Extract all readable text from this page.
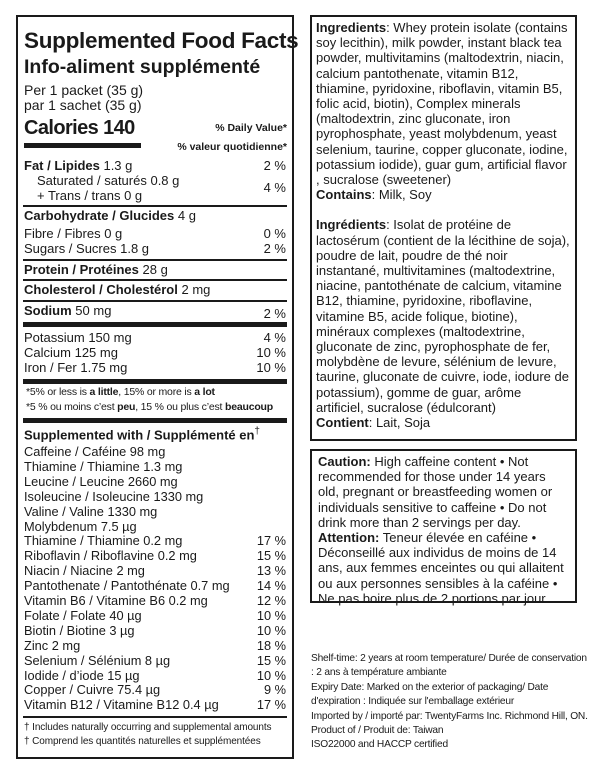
Supplemented Food Facts
Info-aliment supplémenté
Per 1 packet (35 g)
par 1 sachet (35 g)
Calories 140	% Daily Value*
% valeur quotidienne*
Fat / Lipides 1.3 g	2 %
Saturated / saturés 0.8 g
+ Trans / trans 0 g
4 %
Carbohydrate / Glucides 4 g
Fibre / Fibres 0 g	0 %
Sugars / Sucres 1.8 g	2 %
Protein / Protéines 28 g
Cholesterol / Cholestérol 2 mg
Sodium 50 mg	2 %
Potassium 150 mg	4 %
Calcium 125 mg	10 %
Iron / Fer 1.75 mg	10 %
*5% or less is a little, 15% or more is a lot
*5 % ou moins c’est peu, 15 % ou plus c’est beaucoup
Supplemented with / Supplémenté en†
Caffeine / Caféine 98 mg
Thiamine / Thiamine 1.3 mg
Leucine / Leucine 2660 mg
Isoleucine / Isoleucine 1330 mg
Valine / Valine 1330 mg
Molybdenum 7.5 µg
Thiamine / Thiamine 0.2 mg	17 %
Riboflavin / Riboflavine 0.2 mg	15 %
Niacin / Niacine 2 mg	13 %
Pantothenate / Pantothénate 0.7 mg 14 %
Vitamin B6 / Vitamine B6 0.2 mg	12 %
Folate / Folate 40 µg	10 %
Biotin / Biotine 3 µg	10 %
Zinc 2 mg	18 %
Selenium / Sélénium 8 µg	15 %
Iodide / d’iode 15 µg	10 %
Copper / Cuivre 75.4 µg	9 %
Vitamin B12 / Vitamine B12 0.4 µg	17 %
† Includes naturally occurring and supplemental amounts
† Comprend les quantités naturelles et supplémentées
Ingredients: Whey protein isolate (contains soy lecithin), milk powder, instant black tea powder, multivitamins (maltodextrin, niacin, calcium pantothenate, vitamin B12, thiamine, pyridoxine, riboflavin, vitamin B5, folic acid, biotin), Complex minerals (maltodextrin, zinc gluconate, iron pyrophosphate, yeast molybdenum, yeast selenium, taurine, copper gluconate, iodine, potassium iodide), guar gum, artificial flavor , sucralose (sweetener)
Contains: Milk, Soy
Ingrédients: Isolat de protéine de lactosérum (contient de la lécithine de soja), poudre de lait, poudre de thé noir instantané, multivitamines (maltodextrine, niacine, pantothénate de calcium, vitamine B12, thiamine, pyridoxine, riboflavine, vitamine B5, acide folique, biotine), minéraux complexes (maltodextrine, gluconate de zinc, pyrophosphate de fer, molybdène de levure, sélénium de levure, taurine, gluconate de cuivre, iode, iodure de potassium), gomme de guar, arôme artificiel, sucralose (édulcorant)
Contient: Lait, Soja
Caution: High caffeine content • Not recommended for those under 14 years old, pregnant or breastfeeding women or individuals sensitive to caffeine • Do not drink more than 2 servings per day.
Attention: Teneur élevée en caféine • Déconseillé aux individus de moins de 14 ans, aux femmes enceintes ou qui allaitent ou aux personnes sensibles à la caféine • Ne pas boire plus de 2 portions par jour.
Shelf-time: 2 years at room temperature/ Durée de conservation : 2 ans à température ambiante
Expiry Date: Marked on the exterior of packaging/ Date d'expiration : Indiquée sur l'emballage extérieur
Imported by / importé par: TwentyFarms Inc. Richmond Hill, ON.
Product of / Produit de: Taiwan
ISO22000 and HACCP certified
